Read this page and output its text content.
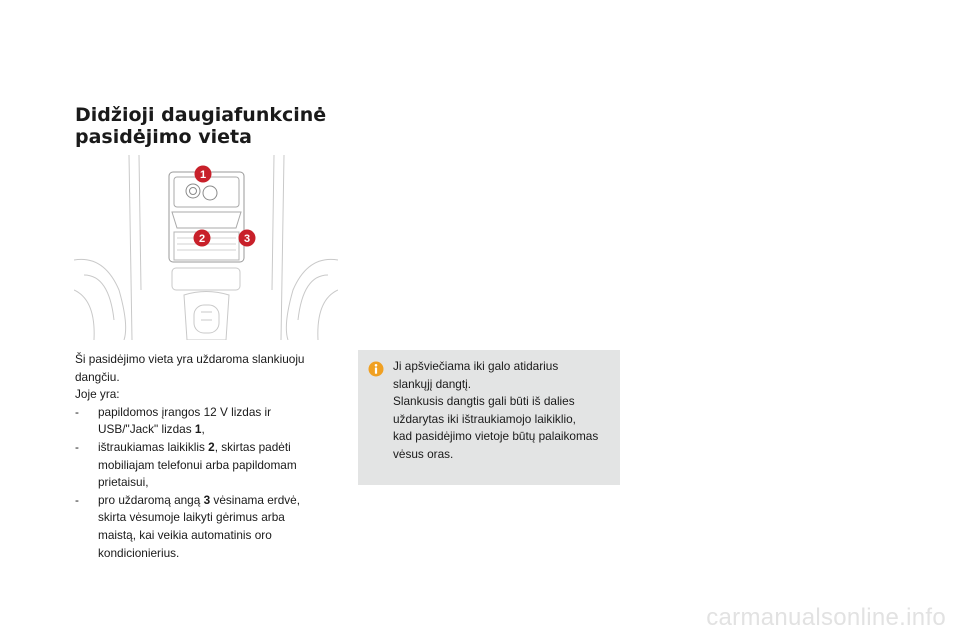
Didžioji daugiafunkcinė
pasidėjimo vieta
1
2	3
Ši pasidėjimo vieta yra uždaroma slankiuoju
dangčiu.
Joje yra:
- papildomos įrangos 12 V lizdas ir
USB/"Jack" lizdas 1,
- ištraukiamas laikiklis 2, skirtas padėti
mobiliajam telefonui arba papildomam
prietaisui,
- pro uždaromą angą 3 vėsinama erdvė,
skirta vėsumoje laikyti gėrimus arba
maistą, kai veikia automatinis oro
kondicionierius.
Ji apšviečiama iki galo atidarius
slankųjį dangtį.
Slankusis dangtis gali būti iš dalies
uždarytas iki ištraukiamojo laikiklio,
kad pasidėjimo vietoje būtų palaikomas
vėsus oras.
carmanualsonline.info
